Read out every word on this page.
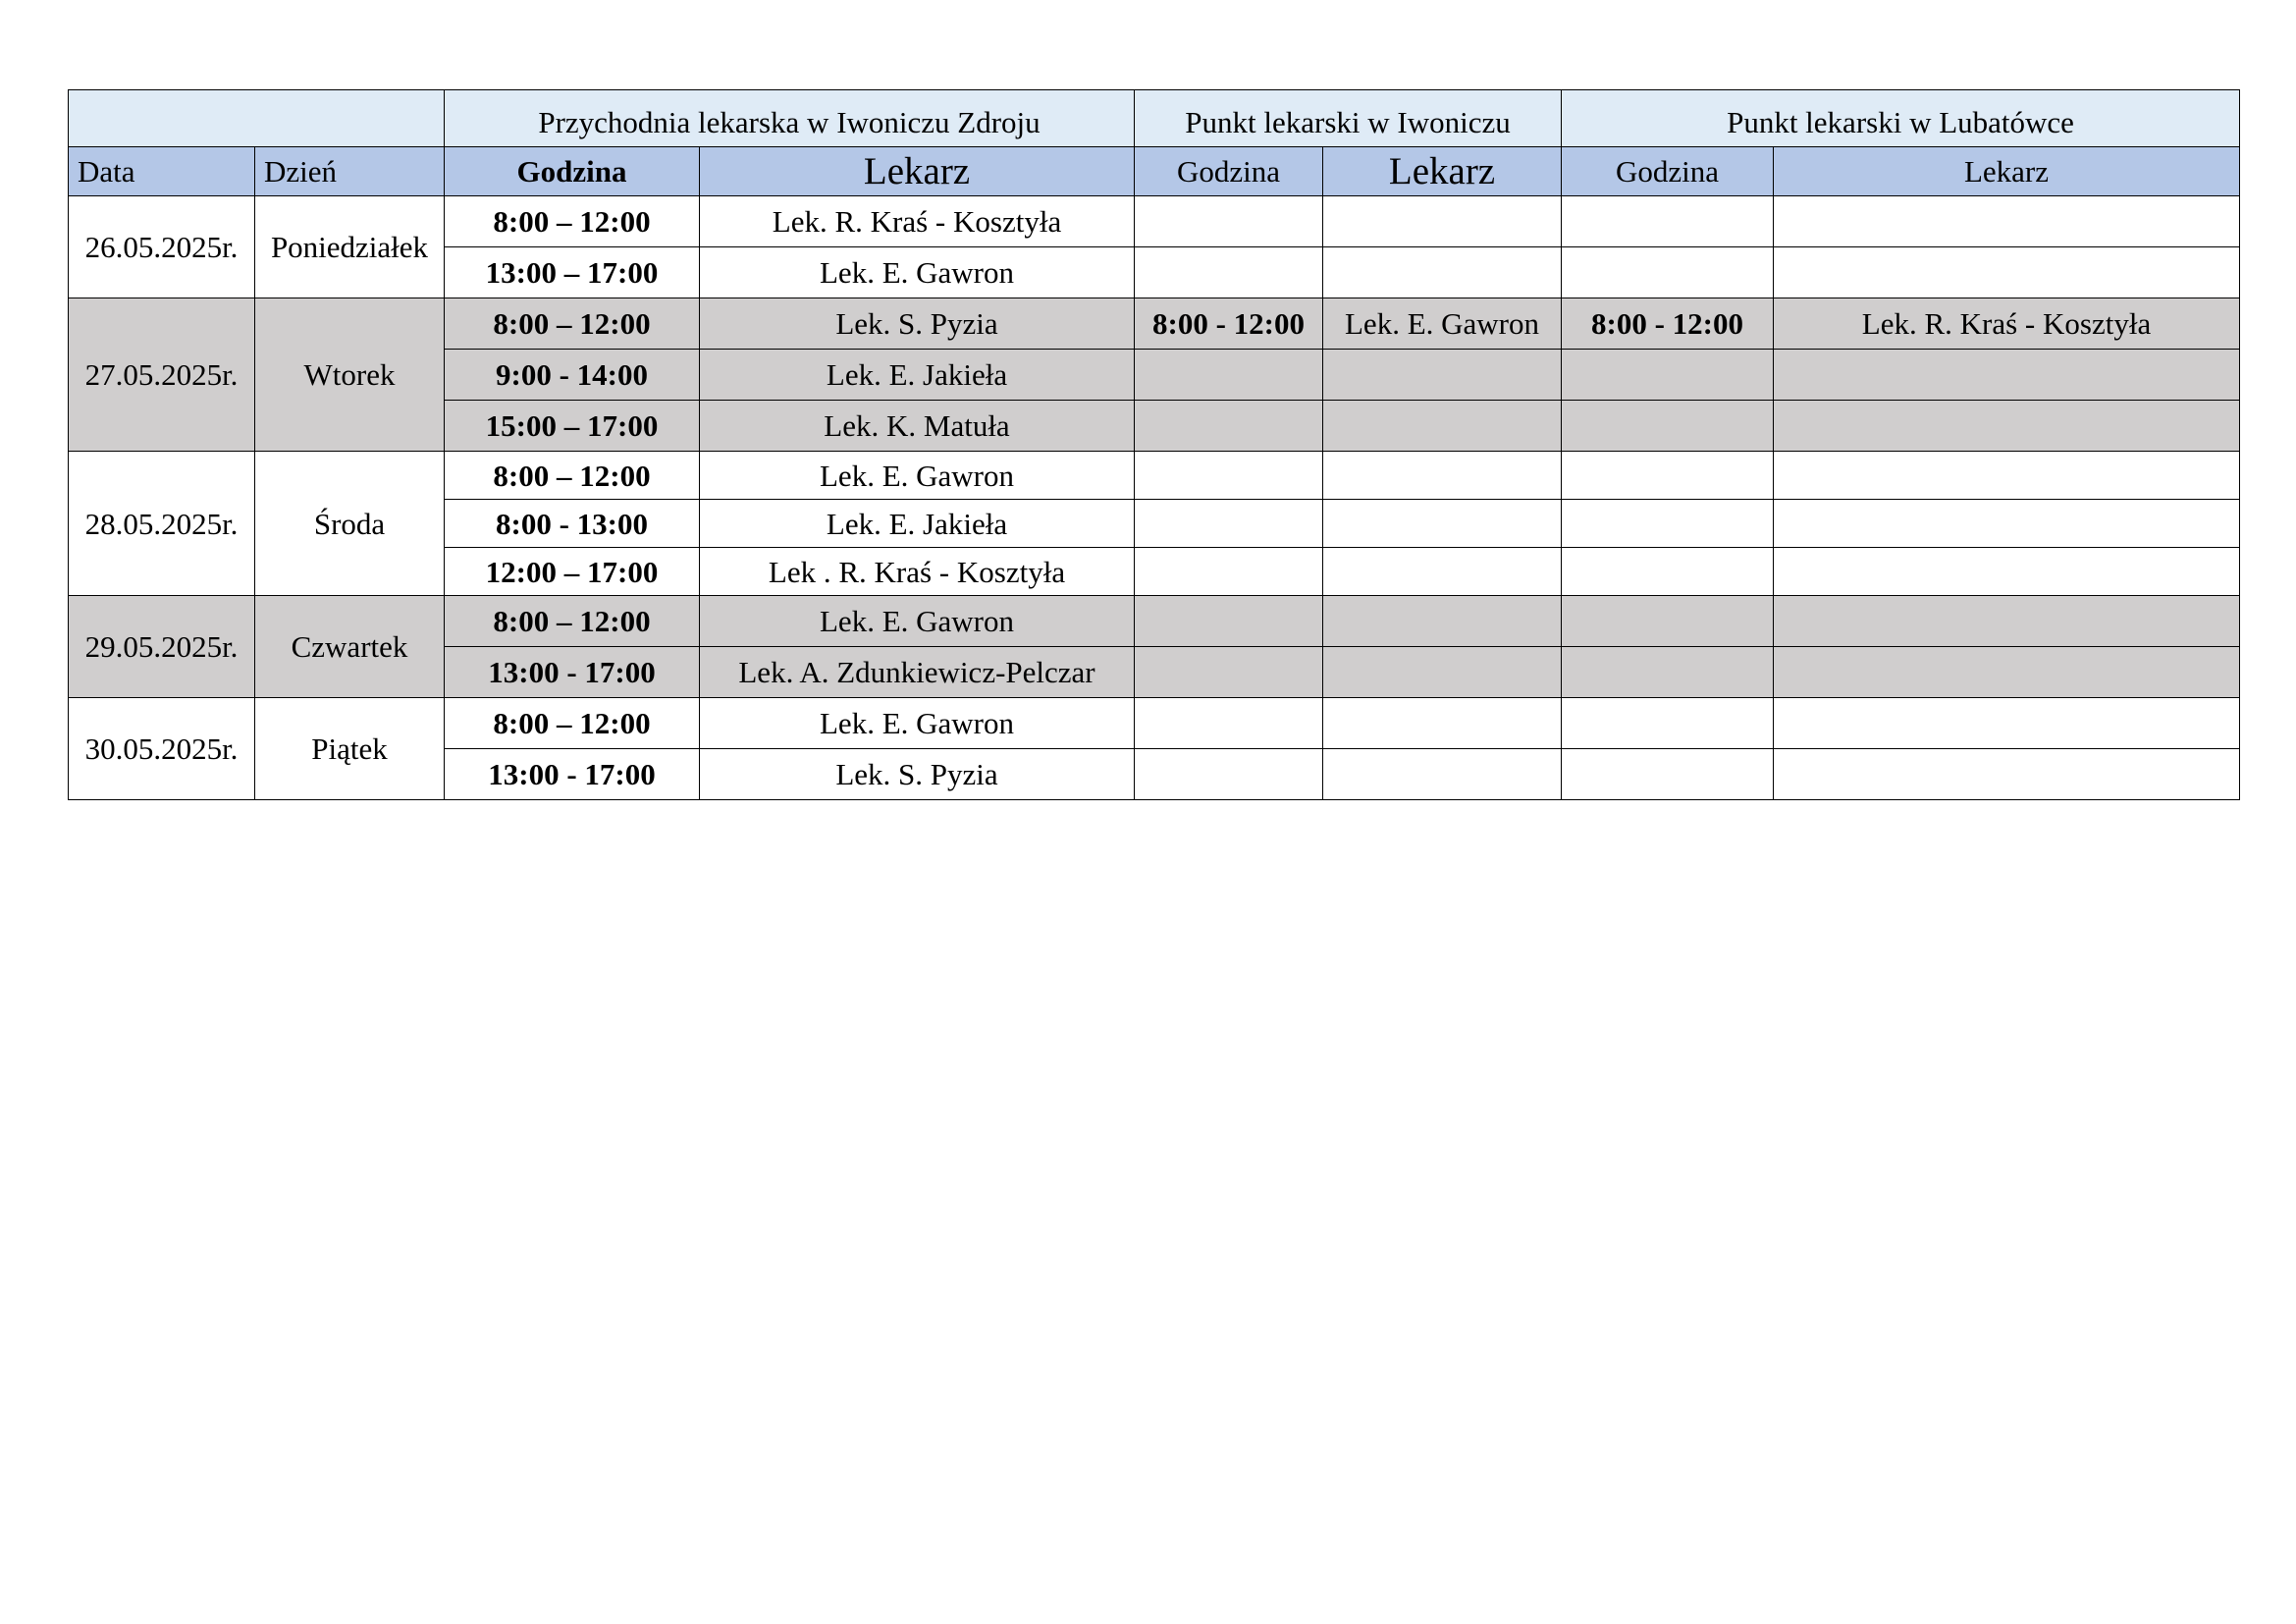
		Przychodnia lekarska w Iwoniczu Zdroju		Punkt lekarski w Iwoniczu		Punkt lekarski w Lubatówce	
Data	Dzień	Godzina	Lekarz	Godzina	Lekarz	Godzina	Lekarz
26.05.2025r.	Poniedziałek	8:00 – 12:00	Lek. R. Kraś - Kosztyła				
		13:00 – 17:00	Lek. E. Gawron				
27.05.2025r.	Wtorek	8:00 – 12:00	Lek. S. Pyzia	8:00 - 12:00	Lek. E. Gawron	8:00 - 12:00	Lek. R. Kraś - Kosztyła
		9:00 - 14:00	Lek. E. Jakieła				
		15:00 – 17:00	Lek. K. Matuła				
28.05.2025r.	Środa	8:00 – 12:00	Lek. E. Gawron				
		8:00 - 13:00	Lek. E. Jakieła				
		12:00 – 17:00	Lek . R. Kraś - Kosztyła				
29.05.2025r.	Czwartek	8:00 – 12:00	Lek. E. Gawron				
		13:00 - 17:00	Lek. A. Zdunkiewicz-Pelczar				
30.05.2025r.	Piątek	8:00 – 12:00	Lek. E. Gawron				
		13:00 - 17:00	Lek. S. Pyzia				
